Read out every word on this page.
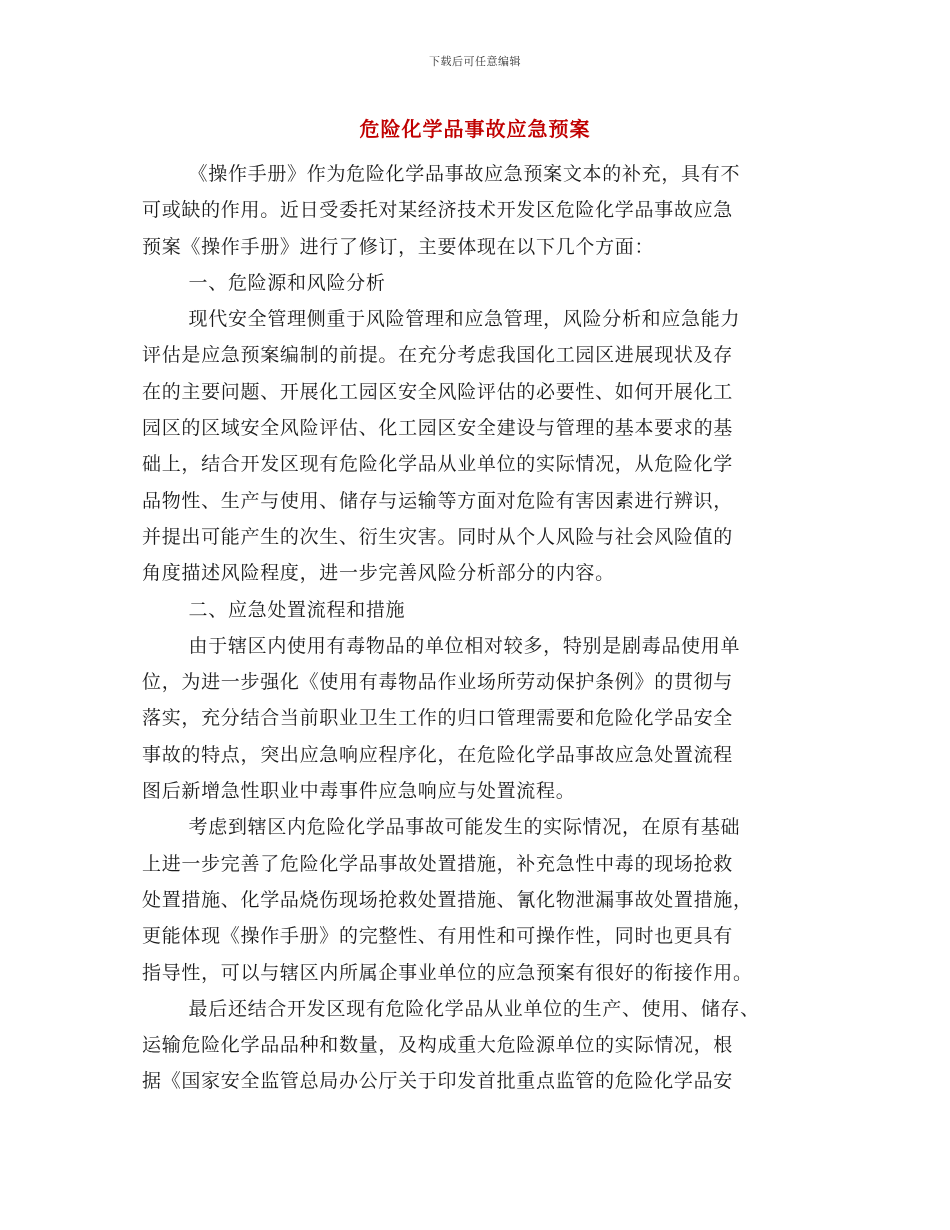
下载后可任意编辑
危险化学品事故应急预案

《操作手册》作为危险化学品事故应急预案文本的补充，具有不
可或缺的作用。近日受委托对某经济技术开发区危险化学品事故应急
预案《操作手册》进行了修订，主要体现在以下几个方面：

一、危险源和风险分析

现代安全管理侧重于风险管理和应急管理，风险分析和应急能力
评估是应急预案编制的前提。在充分考虑我国化工园区进展现状及存
在的主要问题、开展化工园区安全风险评估的必要性、如何开展化工
园区的区域安全风险评估、化工园区安全建设与管理的基本要求的基
础上，结合开发区现有危险化学品从业单位的实际情况，从危险化学
品物性、生产与使用、储存与运输等方面对危险有害因素进行辨识，
并提出可能产生的次生、衍生灾害。同时从个人风险与社会风险值的
角度描述风险程度，进一步完善风险分析部分的内容。

二、应急处置流程和措施

由于辖区内使用有毒物品的单位相对较多，特别是剧毒品使用单
位，为进一步强化《使用有毒物品作业场所劳动保护条例》的贯彻与
落实，充分结合当前职业卫生工作的归口管理需要和危险化学品安全
事故的特点，突出应急响应程序化，在危险化学品事故应急处置流程
图后新增急性职业中毒事件应急响应与处置流程。

考虑到辖区内危险化学品事故可能发生的实际情况，在原有基础
上进一步完善了危险化学品事故处置措施，补充急性中毒的现场抢救
处置措施、化学品烧伤现场抢救处置措施、氰化物泄漏事故处置措施，
更能体现《操作手册》的完整性、有用性和可操作性，同时也更具有
指导性，可以与辖区内所属企事业单位的应急预案有很好的衔接作用。

最后还结合开发区现有危险化学品从业单位的生产、使用、储存、
运输危险化学品品种和数量，及构成重大危险源单位的实际情况，根
据《国家安全监管总局办公厅关于印发首批重点监管的危险化学品安
